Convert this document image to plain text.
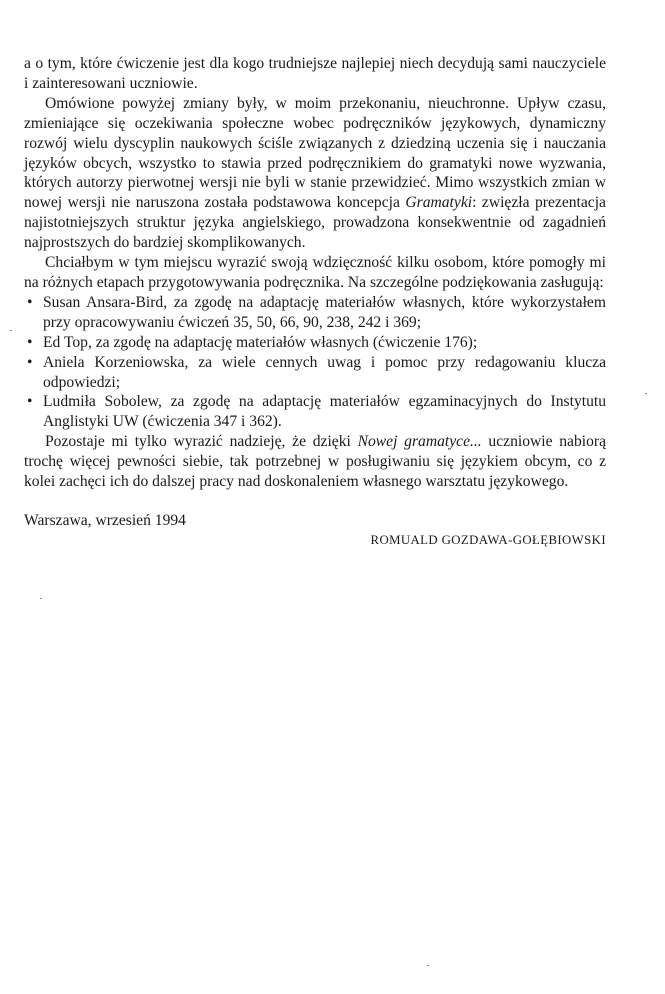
a o tym, które ćwiczenie jest dla kogo trudniejsze najlepiej niech decydują sami nauczyciele i zainteresowani uczniowie.

Omówione powyżej zmiany były, w moim przekonaniu, nieuchronne. Upływ czasu, zmieniające się oczekiwania społeczne wobec podręczników językowych, dynamiczny rozwój wielu dyscyplin naukowych ściśle związanych z dziedziną uczenia się i nauczania języków obcych, wszystko to stawia przed podręcznikiem do gramatyki nowe wyzwania, których autorzy pierwotnej wersji nie byli w stanie przewidzieć. Mimo wszystkich zmian w nowej wersji nie naruszona została podstawowa koncepcja Gramatyki: zwięzła prezentacja najistotniejszych struktur języka angielskiego, prowadzona konsekwentnie od zagadnień najprostszych do bardziej skomplikowanych.

Chciałbym w tym miejscu wyrazić swoją wdzięczność kilku osobom, które pomogły mi na różnych etapach przygotowywania podręcznika. Na szczególne podziękowania zasługują:

• Susan Ansara-Bird, za zgodę na adaptację materiałów własnych, które wykorzystałem przy opracowywaniu ćwiczeń 35, 50, 66, 90, 238, 242 i 369;
• Ed Top, za zgodę na adaptację materiałów własnych (ćwiczenie 176);
• Aniela Korzeniowska, za wiele cennych uwag i pomoc przy redagowaniu klucza odpowiedzi;
• Ludmiła Sobolew, za zgodę na adaptację materiałów egzaminacyjnych do Instytutu Anglistyki UW (ćwiczenia 347 i 362).

Pozostaje mi tylko wyrazić nadzieję, że dzięki Nowej gramatyce... uczniowie nabiorą trochę więcej pewności siebie, tak potrzebnej w posługiwaniu się językiem obcym, co z kolei zachęci ich do dalszej pracy nad doskonaleniem własnego warsztatu językowego.

Warszawa, wrzesień 1994

ROMUALD GOZDAWA-GOŁĘBIOWSKI
